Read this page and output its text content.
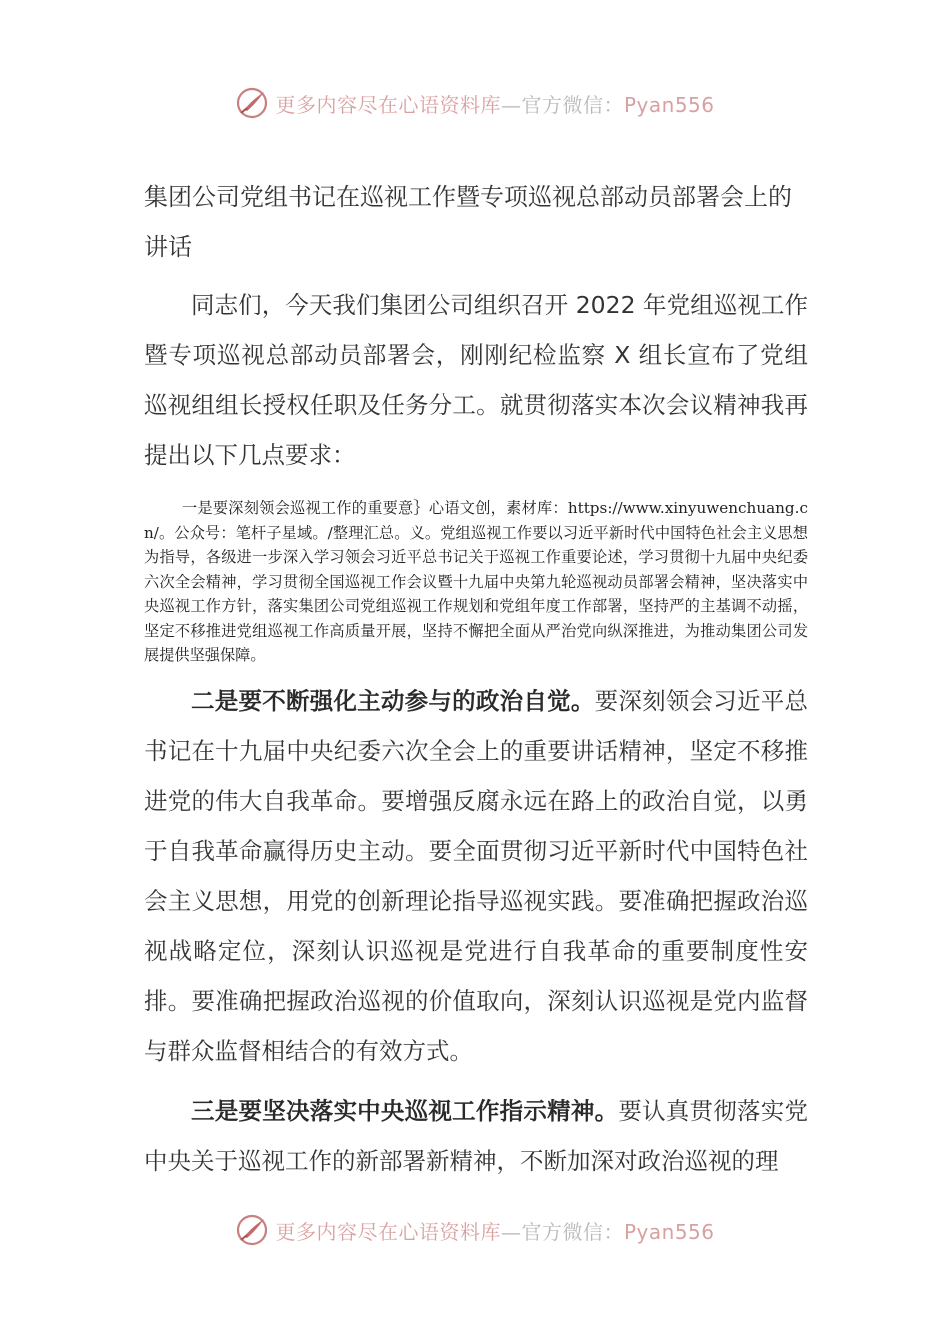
更多内容尽在心语资料库—官方微信：Pyan556
集团公司党组书记在巡视工作暨专项巡视总部动员部署会上的讲话

同志们，今天我们集团公司组织召开 2022 年党组巡视工作暨专项巡视总部动员部署会，刚刚纪检监察 X 组长宣布了党组巡视组组长授权任职及任务分工。就贯彻落实本次会议精神我再提出以下几点要求：

一是要深刻领会巡视工作的重要意｝心语文创，素材库：https://www.xinyuwenchuang.cn/。公众号：笔杆子星域。/整理汇总。义。党组巡视工作要以习近平新时代中国特色社会主义思想为指导，各级进一步深入学习领会习近平总书记关于巡视工作重要论述，学习贯彻十九届中央纪委六次全会精神，学习贯彻全国巡视工作会议暨十九届中央第九轮巡视动员部署会精神，坚决落实中央巡视工作方针，落实集团公司党组巡视工作规划和党组年度工作部署，坚持严的主基调不动摇，坚定不移推进党组巡视工作高质量开展，坚持不懈把全面从严治党向纵深推进，为推动集团公司发展提供坚强保障。

二是要不断强化主动参与的政治自觉。要深刻领会习近平总书记在十九届中央纪委六次全会上的重要讲话精神，坚定不移推进党的伟大自我革命。要增强反腐永远在路上的政治自觉，以勇于自我革命赢得历史主动。要全面贯彻习近平新时代中国特色社会主义思想，用党的创新理论指导巡视实践。要准确把握政治巡视战略定位，深刻认识巡视是党进行自我革命的重要制度性安排。要准确把握政治巡视的价值取向，深刻认识巡视是党内监督与群众监督相结合的有效方式。

三是要坚决落实中央巡视工作指示精神。要认真贯彻落实党中央关于巡视工作的新部署新精神，不断加深对政治巡视的理

更多内容尽在心语资料库—官方微信：Pyan556
